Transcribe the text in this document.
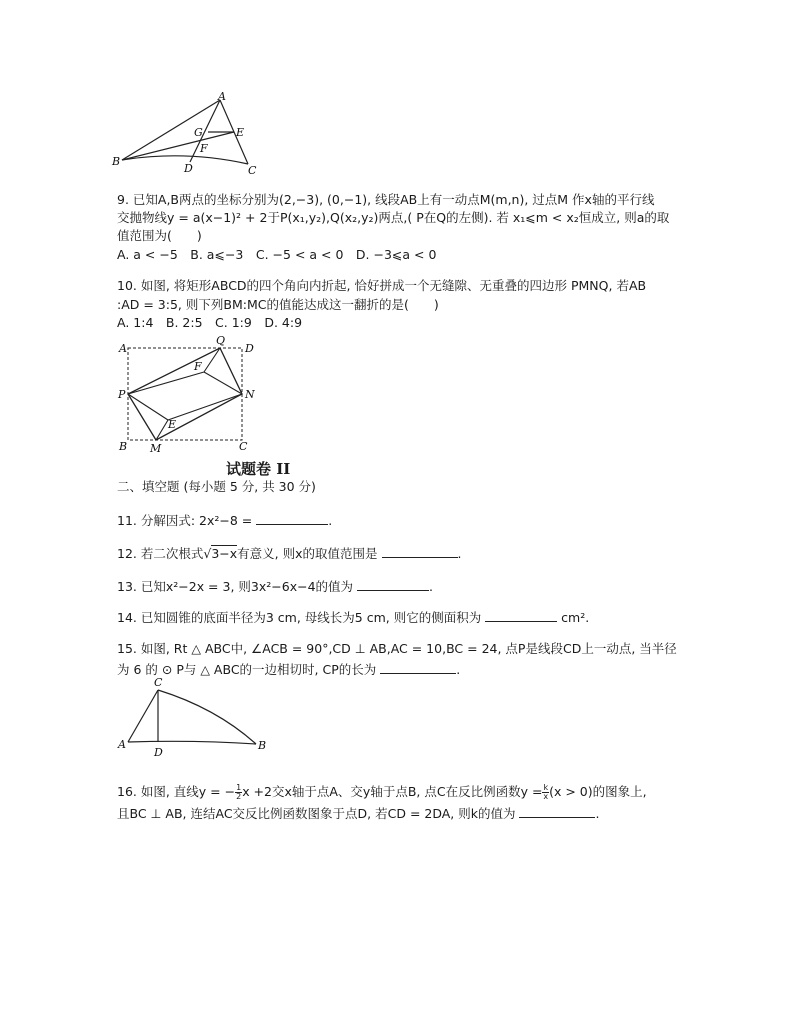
A
B
C
D
E
F
G
9. 已知A,B两点的坐标分别为(2,−3), (0,−1), 线段AB上有一动点M(m,n), 过点M 作x轴的平行线
交抛物线y = a(x−1)² + 2于P(x₁,y₂),Q(x₂,y₂)两点,( P在Q的左侧). 若 x₁⩽m < x₂恒成立, 则a的取
值范围为(　　)
A. a < −5　B. a⩽−3　C. −5 < a < 0　D. −3⩽a < 0
10. 如图, 将矩形ABCD的四个角向内折起, 恰好拼成一个无缝隙、无重叠的四边形 PMNQ, 若AB
:AD = 3:5, 则下列BM:MC的值能达成这一翻折的是(　　)
A. 1:4　B. 2:5　C. 1:9　D. 4:9
A	D
Q
F
P	N
E
B M	C
试题卷 II
二、填空题 (每小题 5 分, 共 30 分)
11. 分解因式: 2x²−8 =	.
12. 若二次根式√3−x有意义, 则x的取值范围是	.
13. 已知x²−2x = 3, 则3x²−6x−4的值为	.
14. 已知圆锥的底面半径为3 cm, 母线长为5 cm, 则它的侧面积为	cm².
15. 如图, Rt △ ABC中, ∠ACB = 90°,CD ⊥ AB,AC = 10,BC = 24, 点P是线段CD上一动点, 当半径
为 6 的 ⊙ P与 △ ABC的一边相切时, CP的长为	.
C
A
D
B
16. 如图, 直线y = − $\frac{1}{2}$ x +2交x轴于点A、交y轴于点B, 点C在反比例函数$y = \frac{k}{x} (x > 0)$的图象上,
且BC ⊥ AB, 连结AC交反比例函数图象于点D, 若CD = 2DA, 则k的值为	.
